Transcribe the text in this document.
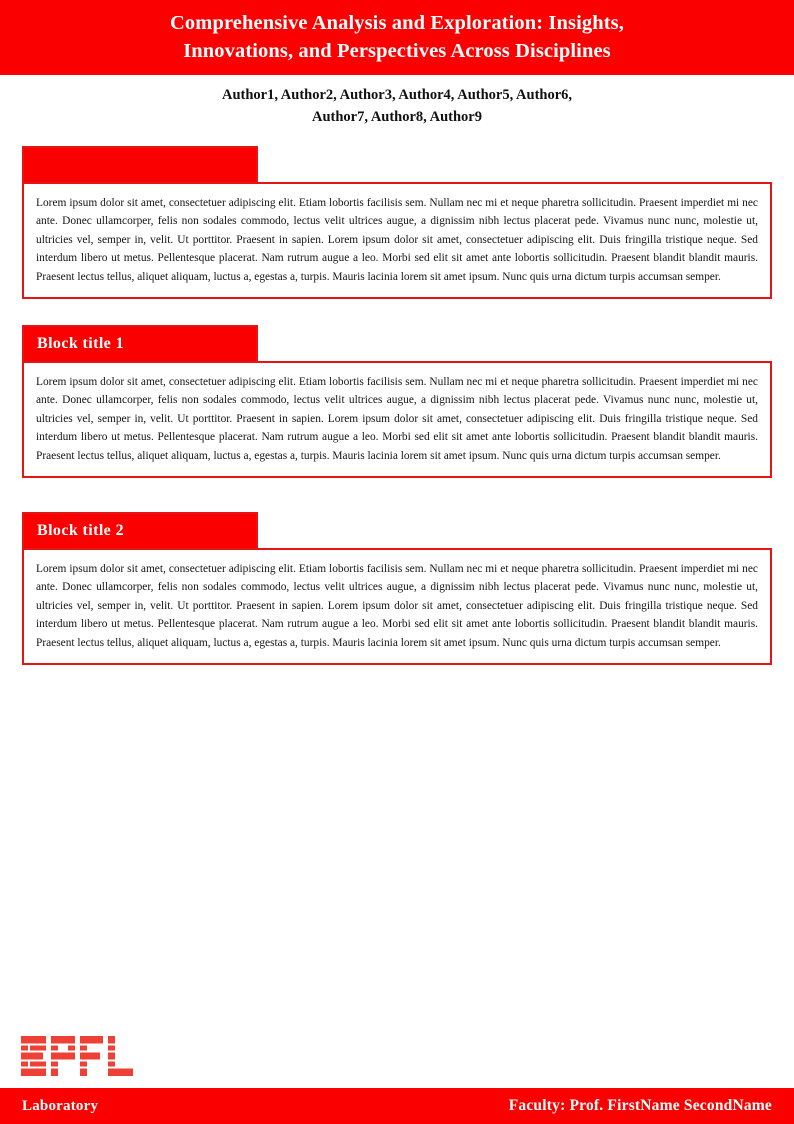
Comprehensive Analysis and Exploration: Insights,
Innovations, and Perspectives Across Disciplines
Author1, Author2, Author3, Author4, Author5, Author6,
Author7, Author8, Author9

Lorem ipsum dolor sit amet, consectetuer adipiscing elit. Etiam lobortis facilisis sem. Nullam nec mi et neque pharetra sollicitudin. Praesent imperdiet mi nec ante. Donec ullamcorper, felis non sodales commodo, lectus velit ultrices augue, a dignissim nibh lectus placerat pede. Vivamus nunc nunc, molestie ut, ultricies vel, semper in, velit. Ut porttitor. Praesent in sapien. Lorem ipsum dolor sit amet, consectetuer adipiscing elit. Duis fringilla tristique neque. Sed interdum libero ut metus. Pellentesque placerat. Nam rutrum augue a leo. Morbi sed elit sit amet ante lobortis sollicitudin. Praesent blandit blandit mauris. Praesent lectus tellus, aliquet aliquam, luctus a, egestas a, turpis. Mauris lacinia lorem sit amet ipsum. Nunc quis urna dictum turpis accumsan semper.

Block title 1

Lorem ipsum dolor sit amet, consectetuer adipiscing elit. Etiam lobortis facilisis sem. Nullam nec mi et neque pharetra sollicitudin. Praesent imperdiet mi nec ante. Donec ullamcorper, felis non sodales commodo, lectus velit ultrices augue, a dignissim nibh lectus placerat pede. Vivamus nunc nunc, molestie ut, ultricies vel, semper in, velit. Ut porttitor. Praesent in sapien. Lorem ipsum dolor sit amet, consectetuer adipiscing elit. Duis fringilla tristique neque. Sed interdum libero ut metus. Pellentesque placerat. Nam rutrum augue a leo. Morbi sed elit sit amet ante lobortis sollicitudin. Praesent blandit blandit mauris. Praesent lectus tellus, aliquet aliquam, luctus a, egestas a, turpis. Mauris lacinia lorem sit amet ipsum. Nunc quis urna dictum turpis accumsan semper.

Block title 2

Lorem ipsum dolor sit amet, consectetuer adipiscing elit. Etiam lobortis facilisis sem. Nullam nec mi et neque pharetra sollicitudin. Praesent imperdiet mi nec ante. Donec ullamcorper, felis non sodales commodo, lectus velit ultrices augue, a dignissim nibh lectus placerat pede. Vivamus nunc nunc, molestie ut, ultricies vel, semper in, velit. Ut porttitor. Praesent in sapien. Lorem ipsum dolor sit amet, consectetuer adipiscing elit. Duis fringilla tristique neque. Sed interdum libero ut metus. Pellentesque placerat. Nam rutrum augue a leo. Morbi sed elit sit amet ante lobortis sollicitudin. Praesent blandit blandit mauris. Praesent lectus tellus, aliquet aliquam, luctus a, egestas a, turpis. Mauris lacinia lorem sit amet ipsum. Nunc quis urna dictum turpis accumsan semper.

Laboratory	Faculty: Prof. FirstName SecondName
